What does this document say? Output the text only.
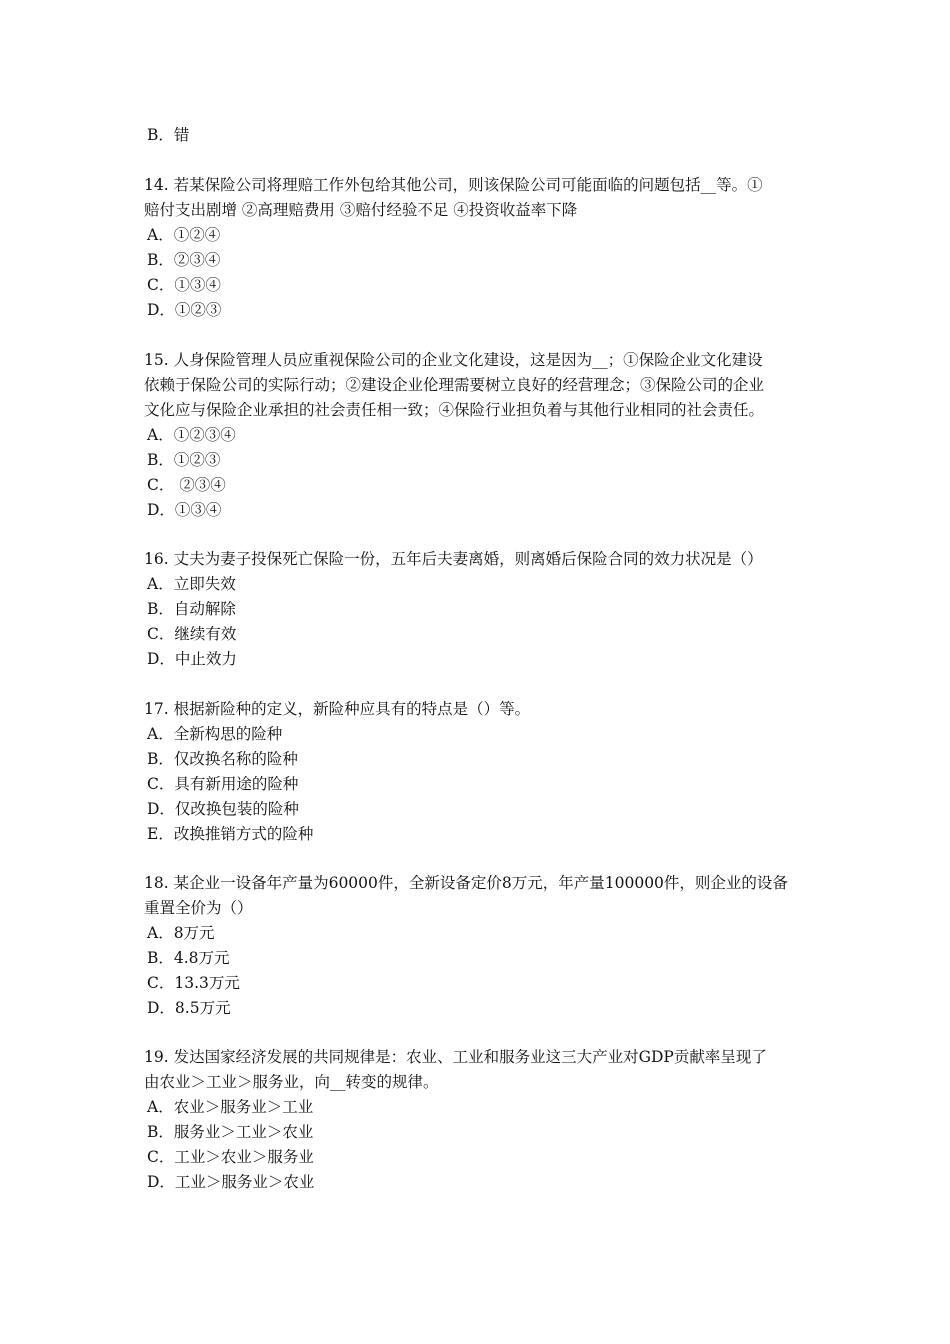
B．错
14. 若某保险公司将理赔工作外包给其他公司，则该保险公司可能面临的问题包括__等。①
赔付支出剧增 ②高理赔费用 ③赔付经验不足 ④投资收益率下降
A．①②④
B．②③④
C．①③④
D．①②③
15. 人身保险管理人员应重视保险公司的企业文化建设，这是因为__；①保险企业文化建设
依赖于保险公司的实际行动；②建设企业伦理需要树立良好的经营理念；③保险公司的企业
文化应与保险企业承担的社会责任相一致；④保险行业担负着与其他行业相同的社会责任。
A．①②③④
B．①②③
C． ②③④
D．①③④
16. 丈夫为妻子投保死亡保险一份，五年后夫妻离婚，则离婚后保险合同的效力状况是（）
A．立即失效
B．自动解除
C．继续有效
D．中止效力
17. 根据新险种的定义，新险种应具有的特点是（）等。
A．全新构思的险种
B．仅改换名称的险种
C．具有新用途的险种
D．仅改换包装的险种
E．改换推销方式的险种
18. 某企业一设备年产量为60000件，全新设备定价8万元，年产量100000件，则企业的设备
重置全价为（）
A．8万元
B．4.8万元
C．13.3万元
D．8.5万元
19. 发达国家经济发展的共同规律是：农业、工业和服务业这三大产业对GDP贡献率呈现了
由农业＞工业＞服务业，向__转变的规律。
A．农业＞服务业＞工业
B．服务业＞工业＞农业
C．工业＞农业＞服务业
D．工业＞服务业＞农业
